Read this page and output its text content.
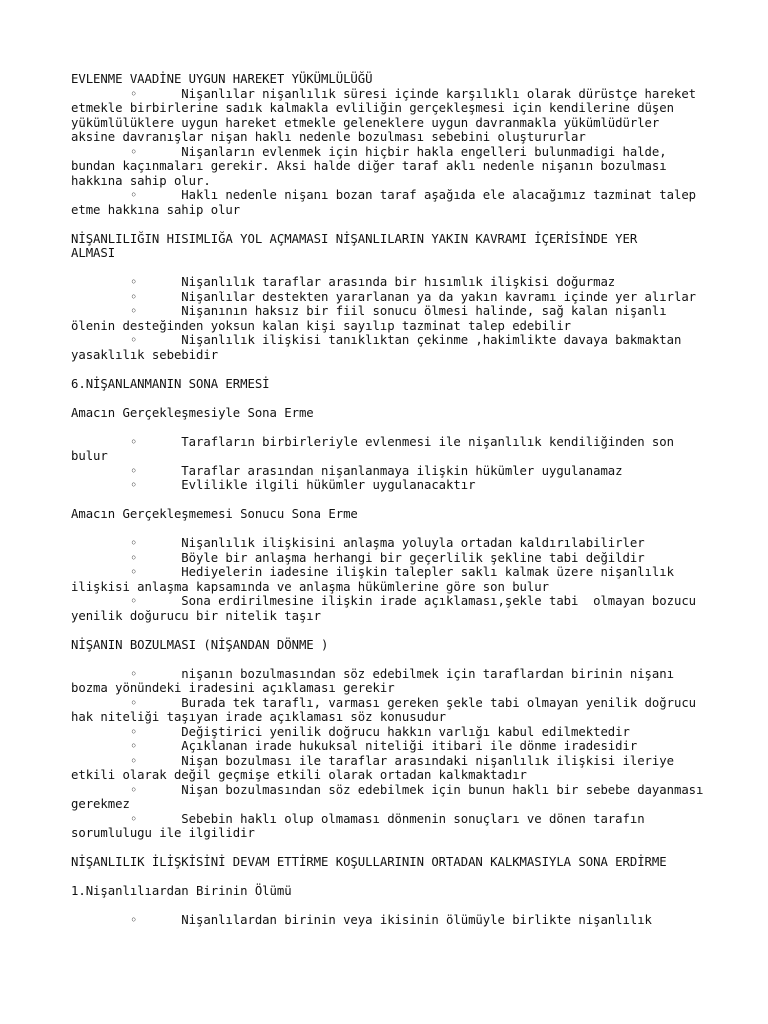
EVLENME VAADİNE UYGUN HAREKET YÜKÜMLÜLÜĞÜ
◦      Nişanlılar nişanlılık süresi içinde karşılıklı olarak dürüstçe hareket
etmekle birbirlerine sadık kalmakla evliliğin gerçekleşmesi için kendilerine düşen
yükümlülüklere uygun hareket etmekle geleneklere uygun davranmakla yükümlüdürler
aksine davranışlar nişan haklı nedenle bozulması sebebini oluştururlar
◦      Nişanların evlenmek için hiçbir hakla engelleri bulunmadigi halde,
bundan kaçınmaları gerekir. Aksi halde diğer taraf aklı nedenle nişanın bozulması
hakkına sahip olur.
◦      Haklı nedenle nişanı bozan taraf aşağıda ele alacağımız tazminat talep
etme hakkına sahip olur
NİŞANLILIĞIN HISIMLIĞA YOL AÇMAMASI NİŞANLILARIN YAKIN KAVRAMI İÇERİSİNDE YER
ALMASI
◦      Nişanlılık taraflar arasında bir hısımlık ilişkisi doğurmaz
◦      Nişanlılar destekten yararlanan ya da yakın kavramı içinde yer alırlar
◦      Nişanının haksız bir fiil sonucu ölmesi halinde, sağ kalan nişanlı
ölenin desteğinden yoksun kalan kişi sayılıp tazminat talep edebilir
◦      Nişanlılık ilişkisi tanıklıktan çekinme ,hakimlikte davaya bakmaktan
yasaklılık sebebidir
6.NİŞANLANMANIN SONA ERMESİ
Amacın Gerçekleşmesiyle Sona Erme
◦      Tarafların birbirleriyle evlenmesi ile nişanlılık kendiliğinden son
bulur
◦      Taraflar arasından nişanlanmaya ilişkin hükümler uygulanamaz
◦      Evlilikle ilgili hükümler uygulanacaktır
Amacın Gerçekleşmemesi Sonucu Sona Erme
◦      Nişanlılık ilişkisini anlaşma yoluyla ortadan kaldırılabilirler
◦      Böyle bir anlaşma herhangi bir geçerlilik şekline tabi değildir
◦      Hediyelerin iadesine ilişkin talepler saklı kalmak üzere nişanlılık
ilişkisi anlaşma kapsamında ve anlaşma hükümlerine göre son bulur
◦      Sona erdirilmesine ilişkin irade açıklaması,şekle tabi  olmayan bozucu
yenilik doğurucu bir nitelik taşır
NİŞANIN BOZULMASI (NİŞANDAN DÖNME )
◦      nişanın bozulmasından söz edebilmek için taraflardan birinin nişanı
bozma yönündeki iradesini açıklaması gerekir
◦      Burada tek taraflı, varması gereken şekle tabi olmayan yenilik doğrucu
hak niteliği taşıyan irade açıklaması söz konusudur
◦      Değiştirici yenilik doğrucu hakkın varlığı kabul edilmektedir
◦      Açıklanan irade hukuksal niteliği itibari ile dönme iradesidir
◦      Nişan bozulması ile taraflar arasındaki nişanlılık ilişkisi ileriye
etkili olarak değil geçmişe etkili olarak ortadan kalkmaktadır
◦      Nişan bozulmasından söz edebilmek için bunun haklı bir sebebe dayanması
gerekmez
◦      Sebebin haklı olup olmaması dönmenin sonuçları ve dönen tarafın
sorumlulugu ile ilgilidir
NİŞANLILIK İLİŞKİSİNİ DEVAM ETTİRME KOŞULLARININ ORTADAN KALKMASIYLA SONA ERDİRME
1.Nişanlılıardan Birinin Ölümü
◦      Nişanlılardan birinin veya ikisinin ölümüyle birlikte nişanlılık
